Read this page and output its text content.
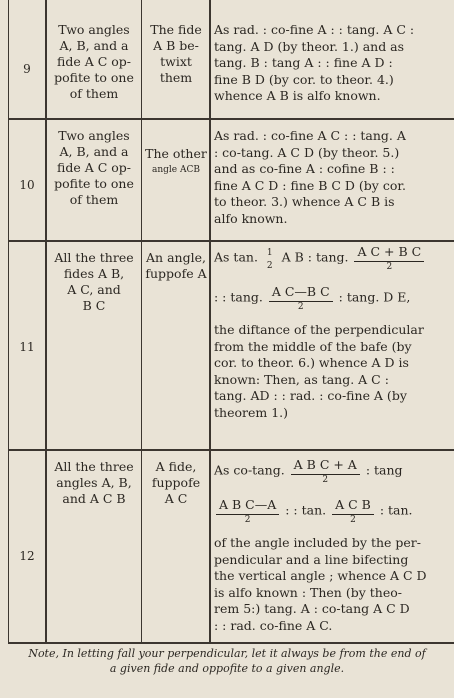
9
Two angles
A, B, and a
fide A C op-
pofite to one
of them
The fide
A B be-
twixt them
As rad. : co-fine A : : tang. A C :
tang. A D (by theor. 1.) and as
tang. B : tang A : : fine A D :
fine B D (by cor. to theor. 4.)
whence A B is alfo known.
10
Two angles
A, B, and a
fide A C op-
pofite to one
of them
The other
angle ACB
As rad. : co-fine A C : : tang. A
: co-tang. A C D (by theor. 5.)
and as co-fine A : cofine B : :
fine A C D : fine B C D (by cor.
to theor. 3.) whence A C B is
alfo known.
11
All the three
fides A B,
A C, and
B C
An angle,
fuppofe A
As tan. 1
2
A B : tang. $\frac{\text{A C + B C}}{2}$
: : tang. $\frac{\text{A C—B C}}{2}$ : tang. D E,
the diftance of the perpendicular
from the middle of the bafe (by
cor. to theor. 6.) whence A D is
known: Then, as tang. A C :
tang. AD : : rad. : co-fine A (by
theorem 1.)
12
All the three
angles A, B,
and A C B
A fide,
fuppofe
A C
As co-tang. $\frac{\text{A B C + A}}{2}$ : tang
$\frac{\text{A B C—A}}{2}$ : : tan. $\frac{\text{A C B}}{2}$ : tan.
of the angle included by the per-
pendicular and a line bifecting
the vertical angle ; whence A C D
is alfo known : Then (by theo-
rem 5:) tang. A : co-tang A C D
: : rad. co-fine A C.
Note, In letting fall your perpendicular, let it always be from the end of
a given fide and oppofite to a given angle.
